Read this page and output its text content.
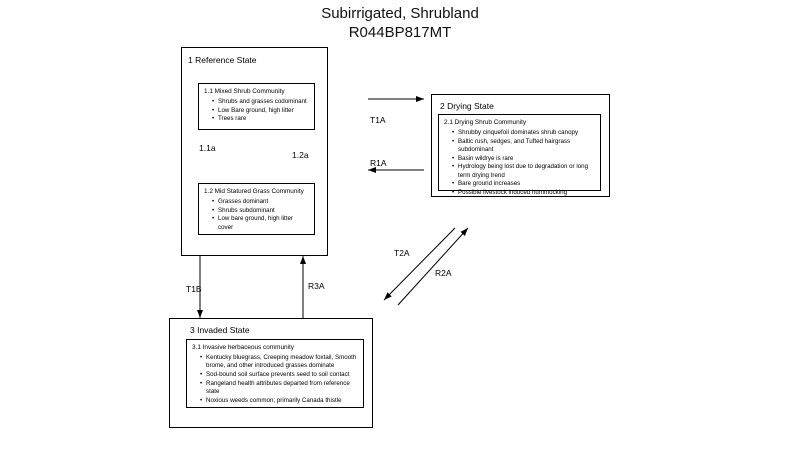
Subirrigated, Shrubland
R044BP817MT
1 Reference State
1.1 Mixed Shrub Community
• Shrubs and grasses codominant
• Low Bare ground, high litter
• Trees rare
1.2 Mid Statured Grass Community
• Grasses dominant
• Shrubs subdominant
• Low bare ground, high litter cover
2 Drying State
2.1 Drying Shrub Community
• Shrubby cinquefoil dominates shrub canopy
• Baltic rush, sedges, and Tufted hairgrass subdominant
• Basin wildrye is rare
• Hydrology being lost due to degradation or long term drying trend
• Bare ground increases
• Possible livestock induced hummocking
3 Invaded State
3.1 Invasive herbaceous community
• Kentucky bluegrass, Creeping meadow foxtail, Smooth brome, and other introduced grasses dominate
• Sod-bound soil surface prevents seed to soil contact
• Rangeland health attributes departed from reference state
• Noxious weeds common; primarily Canada thistle
T1A
R1A
T1B	R3A
T2A
R2A
1.1a
1.2a
